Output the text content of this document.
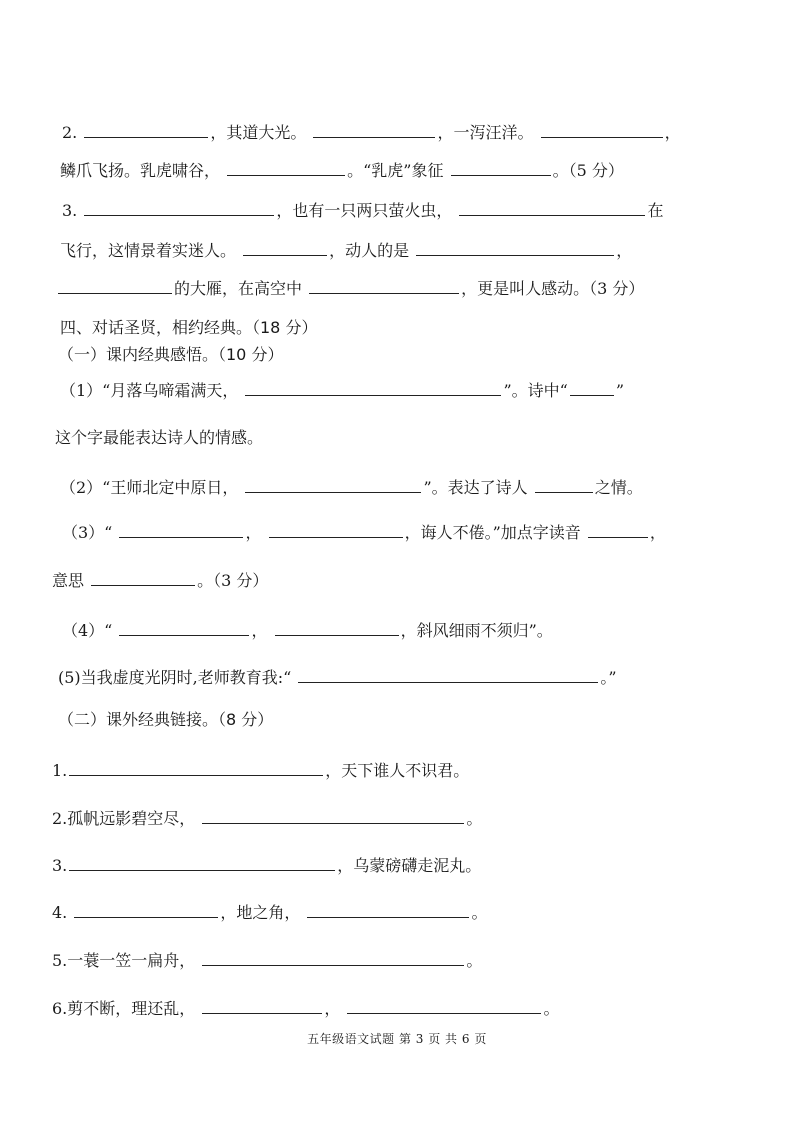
2.	，其道大光。	，一泻汪洋。	，
鳞爪飞扬。乳虎啸谷，	。“乳虎”象征	。（5 分）
3.	，也有一只两只萤火虫，	在
飞行，这情景着实迷人。	，动人的是	，
的大雁，在高空中	，更是叫人感动。（3 分）
四、对话圣贤，相约经典。（18 分）
（一）课内经典感悟。（10 分）
（1）“月落乌啼霜满天，	”。诗中“	”
这个字最能表达诗人的情感。
（2）“王师北定中原日，	”。表达了诗人	之情。
（3）“	，	，诲人不倦。”加点字读音	，
意思	。（3 分）
（4）“	，	，斜风细雨不须归”。
(5)当我虚度光阴时,老师教育我:“	。”
（二）课外经典链接。（8 分）
1.	，天下谁人不识君。
2.孤帆远影碧空尽，	。
3.	，乌蒙磅礴走泥丸。
4.	，地之角，	。
5.一蓑一笠一扁舟，	。
6.剪不断，理还乱，	，	。
五年级语文试题 第 3 页 共 6 页
